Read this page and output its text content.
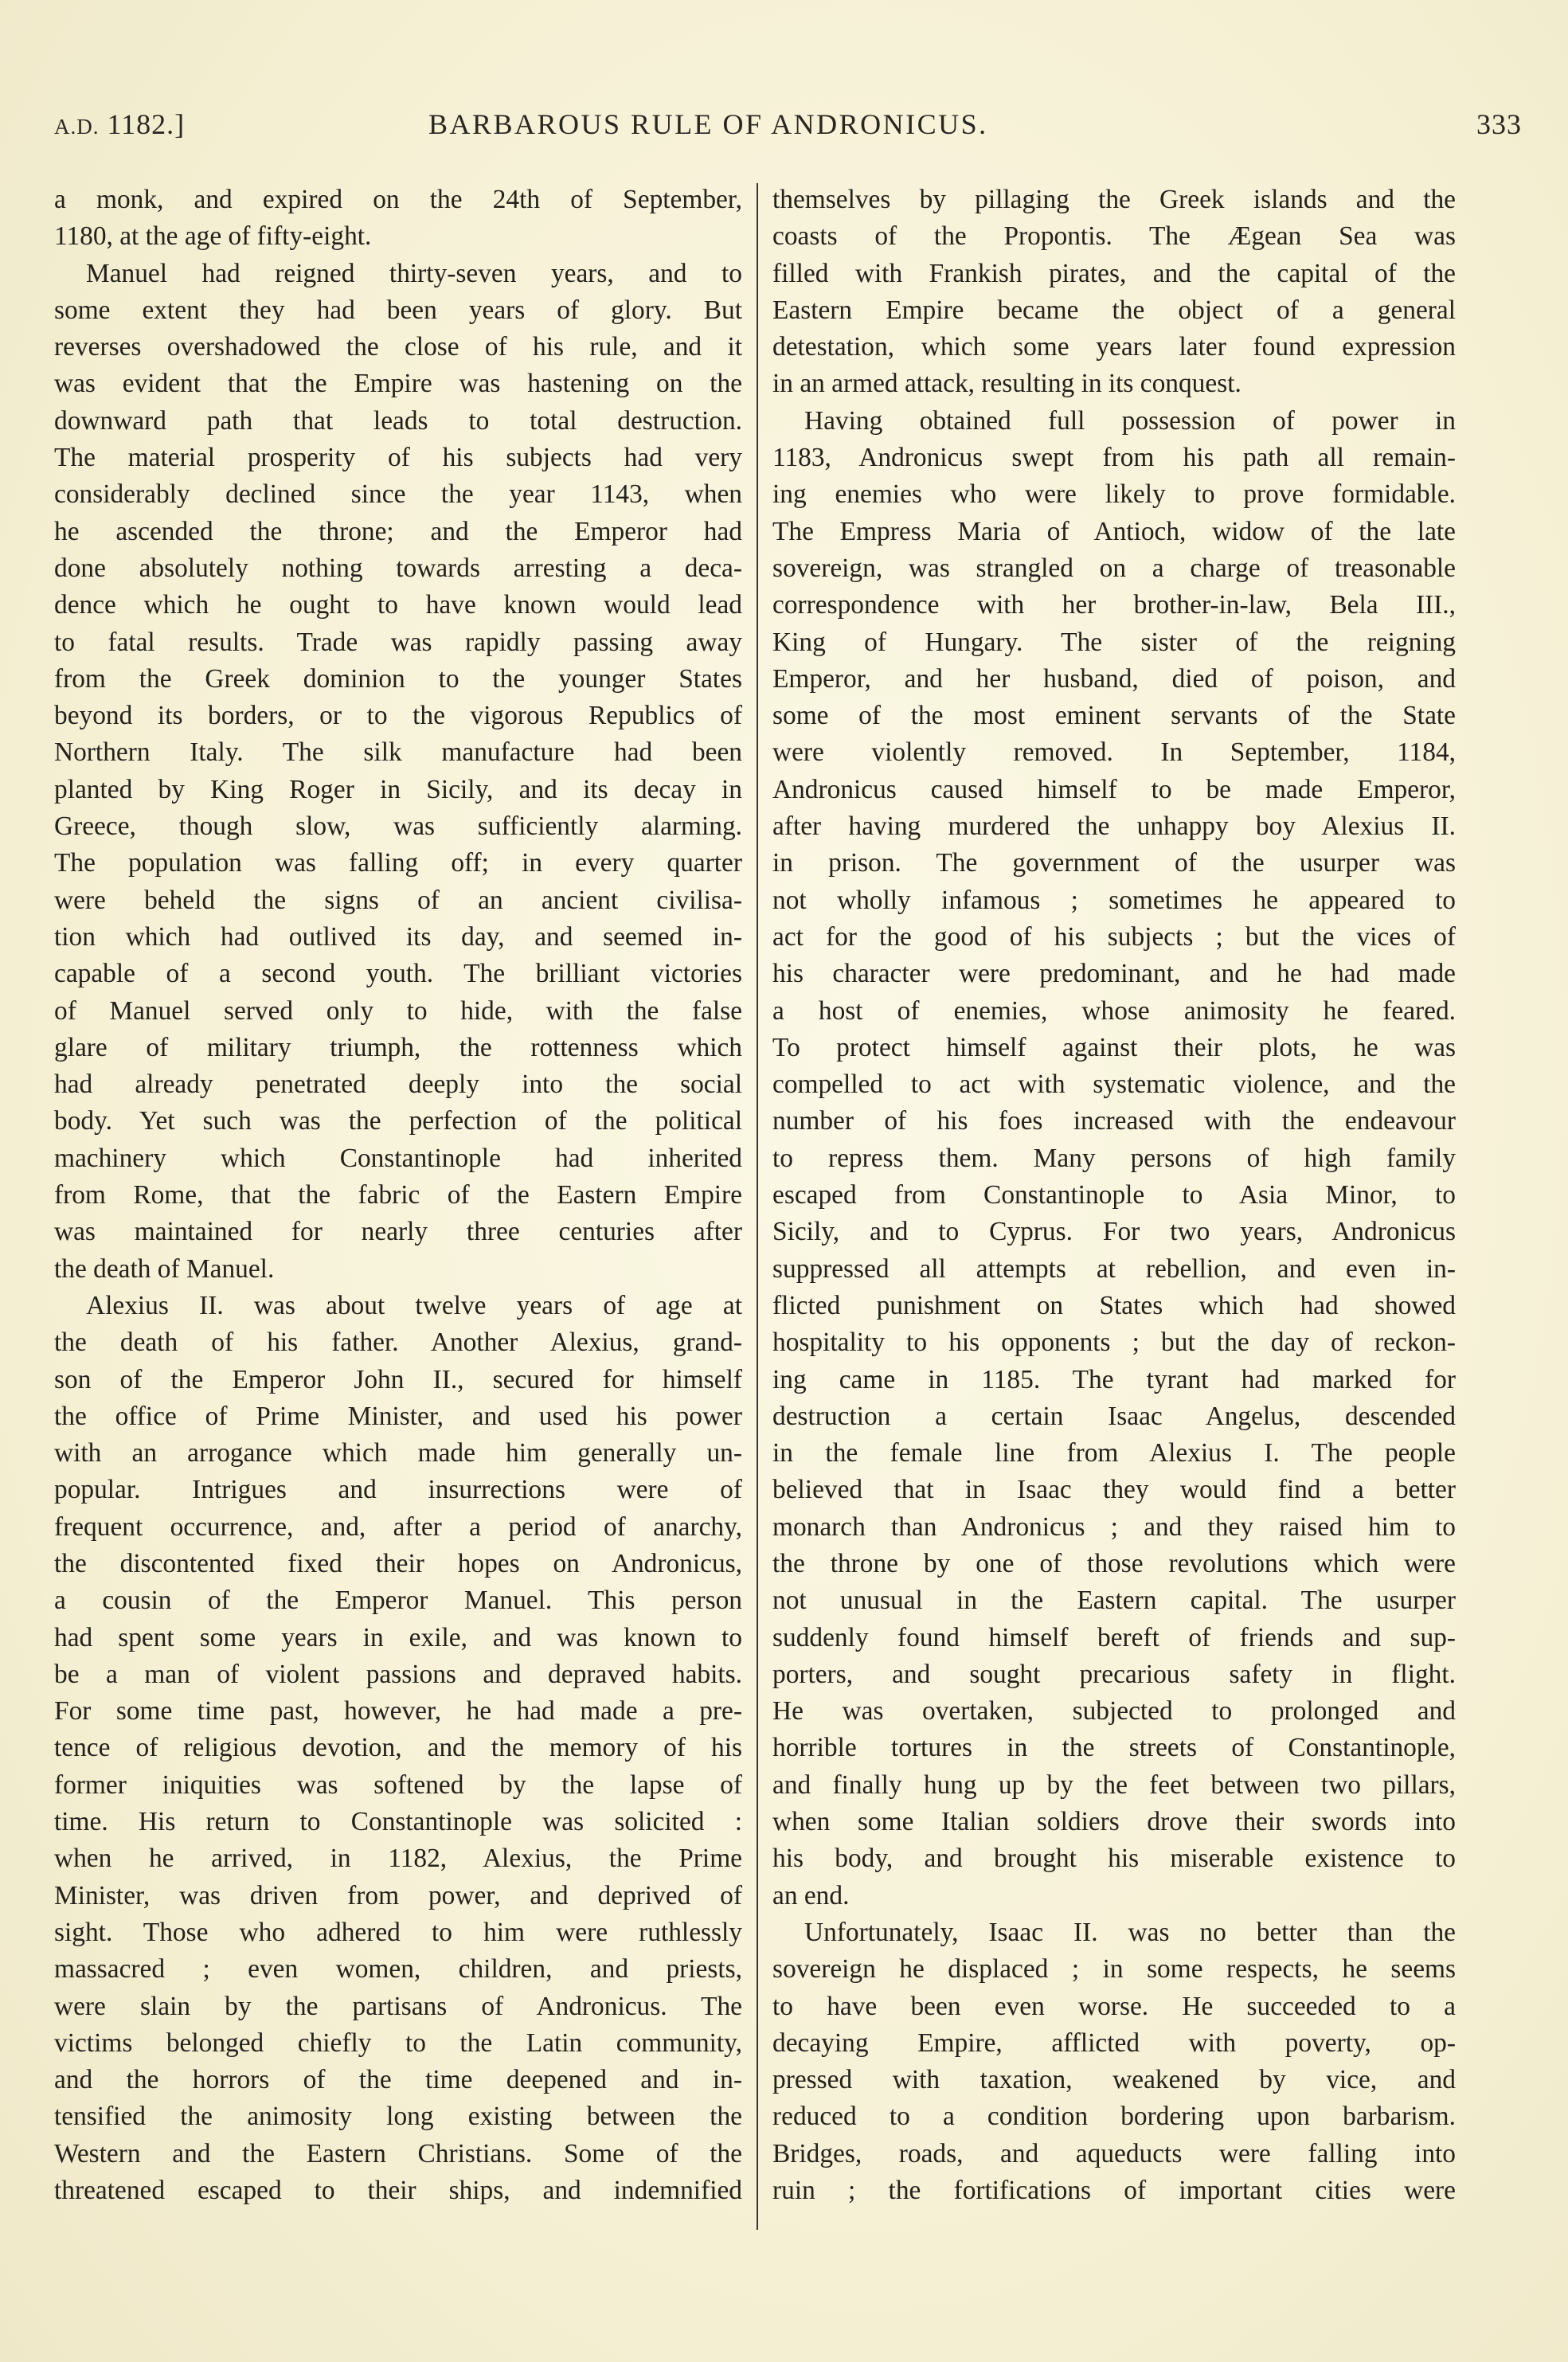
A.D. 1182.]	BARBAROUS RULE OF ANDRONICUS.	333
a monk, and expired on the 24th of September,
1180, at the age of fifty-eight.
Manuel had reigned thirty-seven years, and to
some extent they had been years of glory. But
reverses overshadowed the close of his rule, and it
was evident that the Empire was hastening on the
downward path that leads to total destruction.
The material prosperity of his subjects had very
considerably declined since the year 1143, when
he ascended the throne; and the Emperor had
done absolutely nothing towards arresting a deca-
dence which he ought to have known would lead
to fatal results. Trade was rapidly passing away
from the Greek dominion to the younger States
beyond its borders, or to the vigorous Republics of
Northern Italy. The silk manufacture had been
planted by King Roger in Sicily, and its decay in
Greece, though slow, was sufficiently alarming.
The population was falling off; in every quarter
were beheld the signs of an ancient civilisa-
tion which had outlived its day, and seemed in-
capable of a second youth. The brilliant victories
of Manuel served only to hide, with the false
glare of military triumph, the rottenness which
had already penetrated deeply into the social
body. Yet such was the perfection of the political
machinery which Constantinople had inherited
from Rome, that the fabric of the Eastern Empire
was maintained for nearly three centuries after
the death of Manuel.
Alexius II. was about twelve years of age at
the death of his father. Another Alexius, grand-
son of the Emperor John II., secured for himself
the office of Prime Minister, and used his power
with an arrogance which made him generally un-
popular. Intrigues and insurrections were of
frequent occurrence, and, after a period of anarchy,
the discontented fixed their hopes on Andronicus,
a cousin of the Emperor Manuel. This person
had spent some years in exile, and was known to
be a man of violent passions and depraved habits.
For some time past, however, he had made a pre-
tence of religious devotion, and the memory of his
former iniquities was softened by the lapse of
time. His return to Constantinople was solicited :
when he arrived, in 1182, Alexius, the Prime
Minister, was driven from power, and deprived of
sight. Those who adhered to him were ruthlessly
massacred ; even women, children, and priests,
were slain by the partisans of Andronicus. The
victims belonged chiefly to the Latin community,
and the horrors of the time deepened and in-
tensified the animosity long existing between the
Western and the Eastern Christians. Some of the
threatened escaped to their ships, and indemnified
themselves by pillaging the Greek islands and the
coasts of the Propontis. The Ægean Sea was
filled with Frankish pirates, and the capital of the
Eastern Empire became the object of a general
detestation, which some years later found expression
in an armed attack, resulting in its conquest.
Having obtained full possession of power in
1183, Andronicus swept from his path all remain-
ing enemies who were likely to prove formidable.
The Empress Maria of Antioch, widow of the late
sovereign, was strangled on a charge of treasonable
correspondence with her brother-in-law, Bela III.,
King of Hungary. The sister of the reigning
Emperor, and her husband, died of poison, and
some of the most eminent servants of the State
were violently removed. In September, 1184,
Andronicus caused himself to be made Emperor,
after having murdered the unhappy boy Alexius II.
in prison. The government of the usurper was
not wholly infamous ; sometimes he appeared to
act for the good of his subjects ; but the vices of
his character were predominant, and he had made
a host of enemies, whose animosity he feared.
To protect himself against their plots, he was
compelled to act with systematic violence, and the
number of his foes increased with the endeavour
to repress them. Many persons of high family
escaped from Constantinople to Asia Minor, to
Sicily, and to Cyprus. For two years, Andronicus
suppressed all attempts at rebellion, and even in-
flicted punishment on States which had showed
hospitality to his opponents ; but the day of reckon-
ing came in 1185. The tyrant had marked for
destruction a certain Isaac Angelus, descended
in the female line from Alexius I. The people
believed that in Isaac they would find a better
monarch than Andronicus ; and they raised him to
the throne by one of those revolutions which were
not unusual in the Eastern capital. The usurper
suddenly found himself bereft of friends and sup-
porters, and sought precarious safety in flight.
He was overtaken, subjected to prolonged and
horrible tortures in the streets of Constantinople,
and finally hung up by the feet between two pillars,
when some Italian soldiers drove their swords into
his body, and brought his miserable existence to
an end.
Unfortunately, Isaac II. was no better than the
sovereign he displaced ; in some respects, he seems
to have been even worse. He succeeded to a
decaying Empire, afflicted with poverty, op-
pressed with taxation, weakened by vice, and
reduced to a condition bordering upon barbarism.
Bridges, roads, and aqueducts were falling into
ruin ; the fortifications of important cities were
